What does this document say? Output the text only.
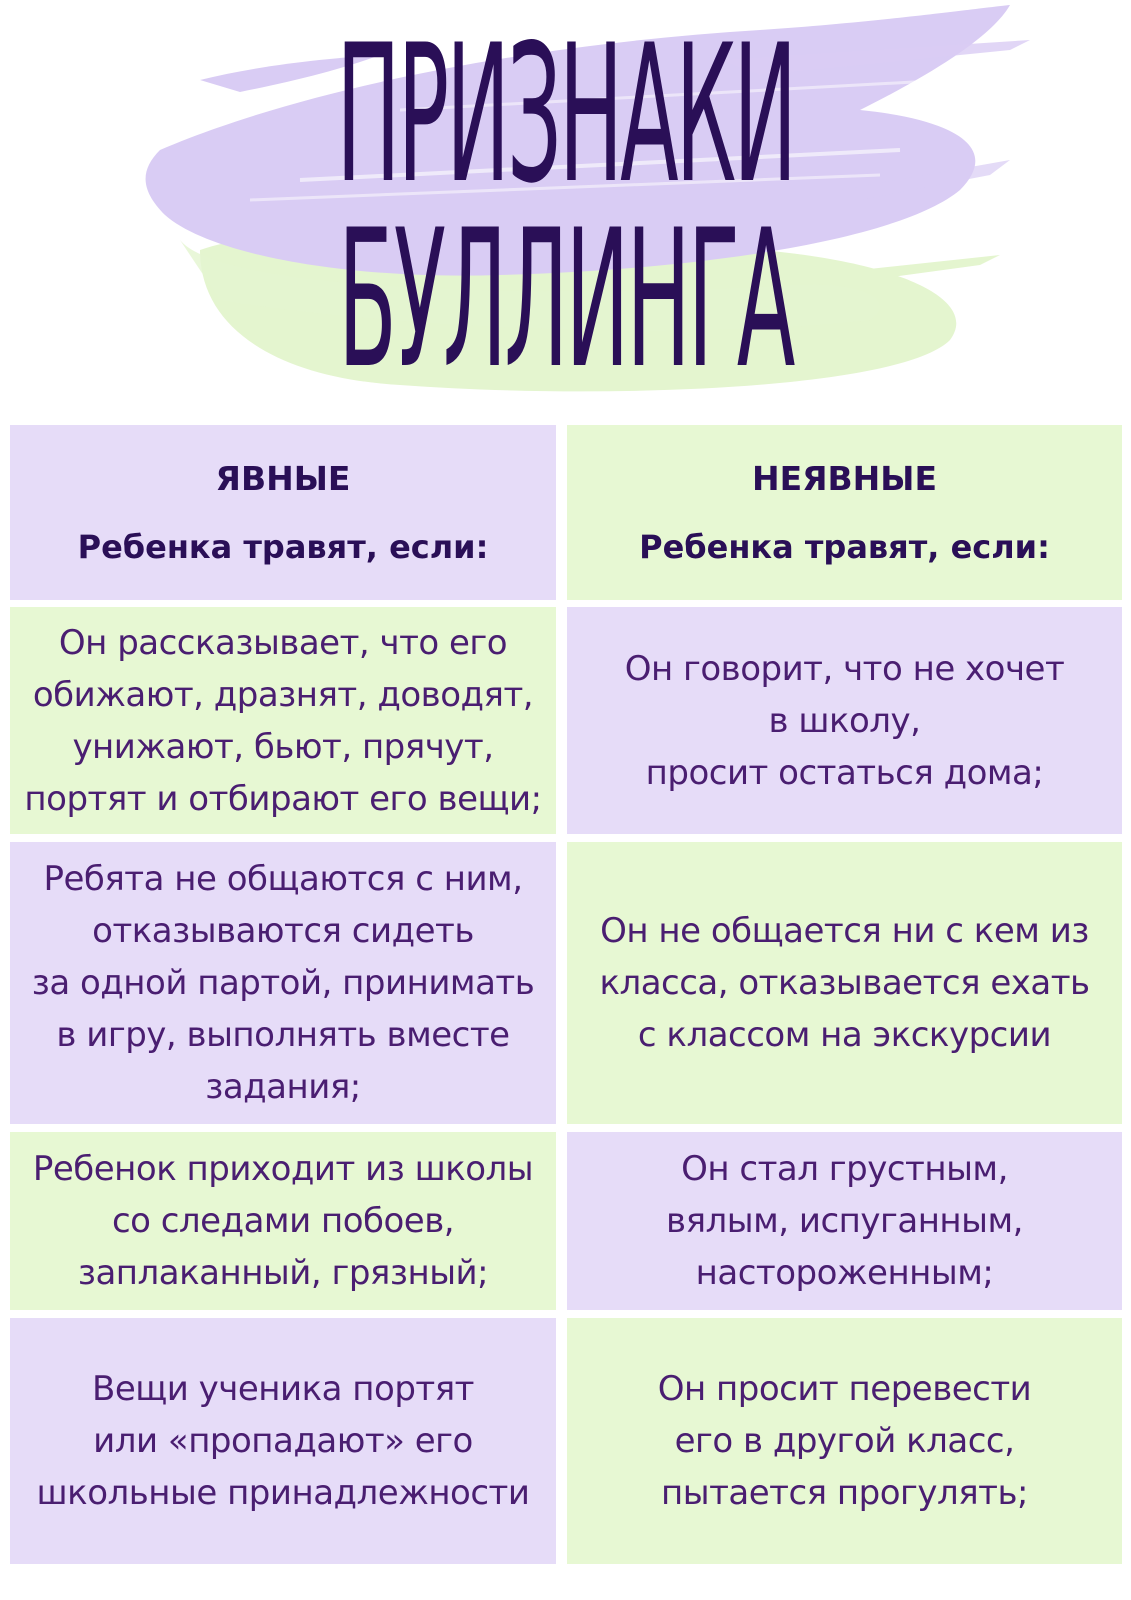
ПРИЗНАКИ
БУЛЛИНГА
ЯВНЫЕ
Ребенка травят, если:
НЕЯВНЫЕ
Ребенка травят, если:
Он рассказывает, что его
обижают, дразнят, доводят,
унижают, бьют, прячут,
портят и отбирают его вещи;
Он говорит, что не хочет
в школу,
просит остаться дома;
Ребята не общаются с ним,
отказываются сидеть
за одной партой, принимать
в игру, выполнять вместе
задания;
Он не общается ни с кем из
класса, отказывается ехать
с классом на экскурсии
Ребенок приходит из школы
со следами побоев,
заплаканный, грязный;
Он стал грустным,
вялым, испуганным,
настороженным;
Вещи ученика портят
или «пропадают» его
школьные принадлежности
Он просит перевести
его в другой класс,
пытается прогулять;
